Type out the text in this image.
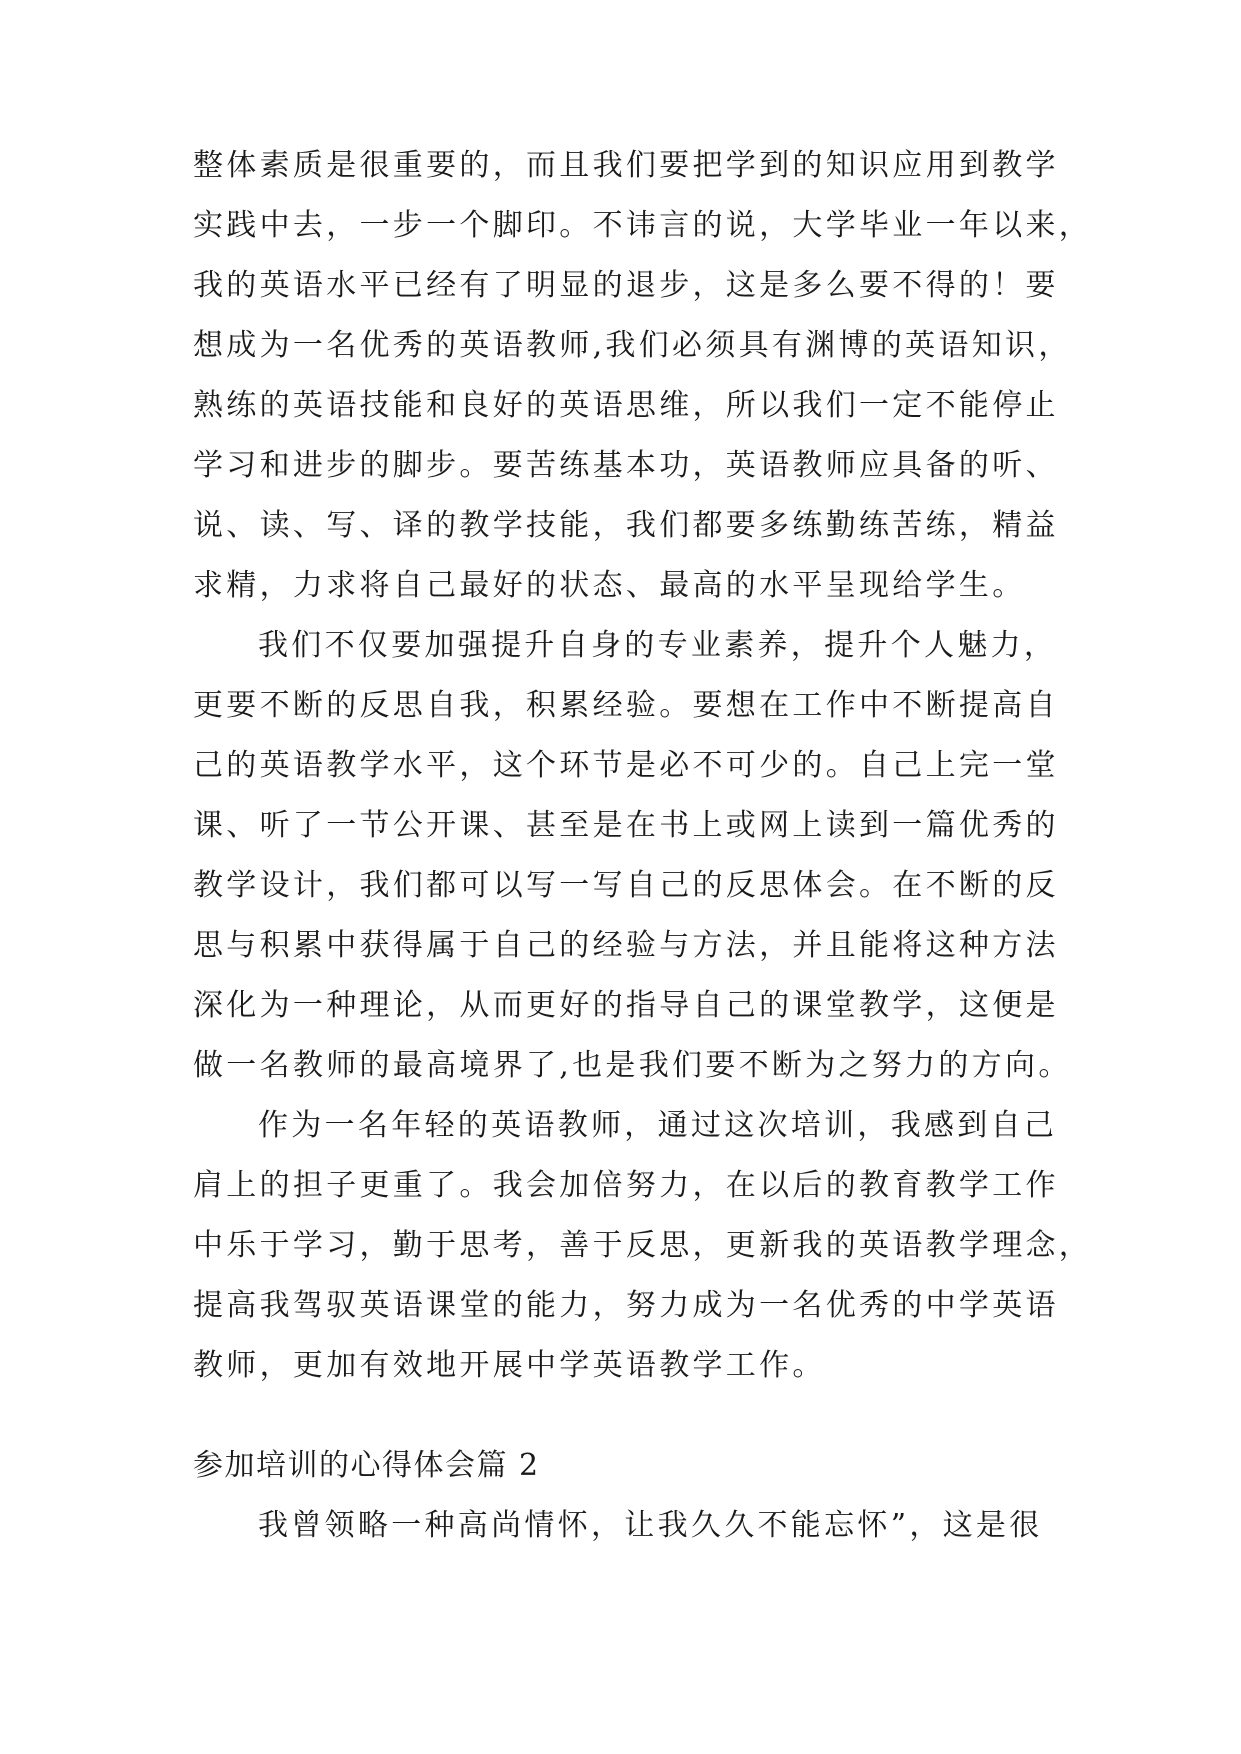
整体素质是很重要的，而且我们要把学到的知识应用到教学
实践中去，一步一个脚印。不讳言的说，大学毕业一年以来，
我的英语水平已经有了明显的退步，这是多么要不得的！要
想成为一名优秀的英语教师,我们必须具有渊博的英语知识，
熟练的英语技能和良好的英语思维，所以我们一定不能停止
学习和进步的脚步。要苦练基本功，英语教师应具备的听、
说、读、写、译的教学技能，我们都要多练勤练苦练，精益
求精，力求将自己最好的状态、最高的水平呈现给学生。
我们不仅要加强提升自身的专业素养，提升个人魅力，
更要不断的反思自我，积累经验。要想在工作中不断提高自
己的英语教学水平，这个环节是必不可少的。自己上完一堂
课、听了一节公开课、甚至是在书上或网上读到一篇优秀的
教学设计，我们都可以写一写自己的反思体会。在不断的反
思与积累中获得属于自己的经验与方法，并且能将这种方法
深化为一种理论，从而更好的指导自己的课堂教学，这便是
做一名教师的最高境界了,也是我们要不断为之努力的方向。
作为一名年轻的英语教师，通过这次培训，我感到自己
肩上的担子更重了。我会加倍努力，在以后的教育教学工作
中乐于学习，勤于思考，善于反思，更新我的英语教学理念，
提高我驾驭英语课堂的能力，努力成为一名优秀的中学英语
教师，更加有效地开展中学英语教学工作。
参加培训的心得体会篇 2
我曾领略一种高尚情怀，让我久久不能忘怀”，这是很
